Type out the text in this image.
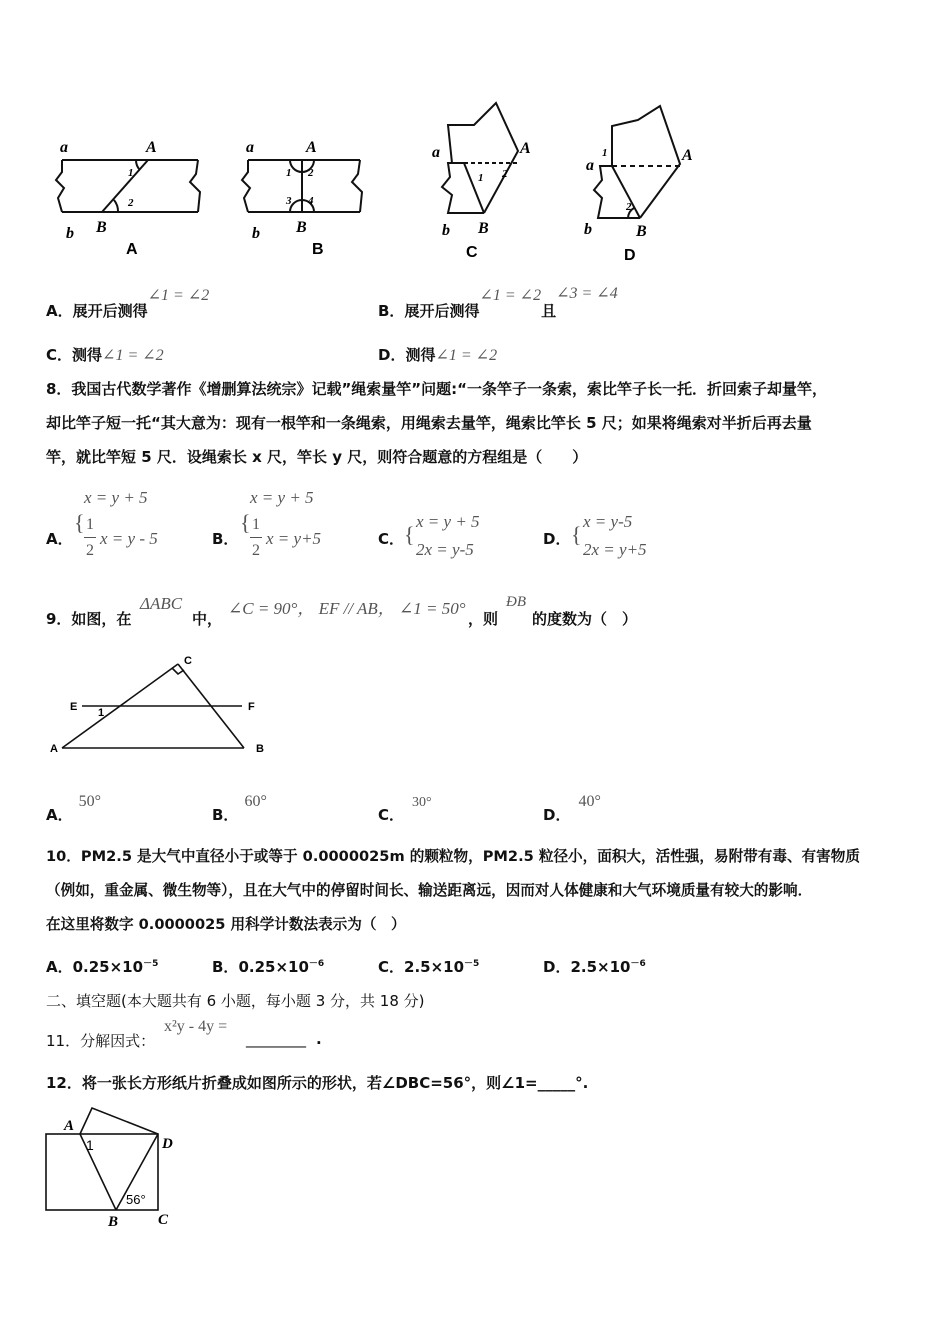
a	A
1
2
b B
A
a	A
1 2
3 4
b B
B
a	A
1 2
b B
C
a
A
1
2
b	B
D
A．展开后测得∠1 = ∠2
B．展开后测得∠1 = ∠2且∠3 = ∠4
C．测得∠1 = ∠2	D．测得∠1 = ∠2
8．我国古代数学著作《增删算法统宗》记载”绳索量竿”问题:“一条竿子一条索，索比竿子长一托．折回索子却量竿，
却比竿子短一托“其大意为：现有一根竿和一条绳索，用绳索去量竿，绳索比竿长 5 尺；如果将绳索对半折后再去量
竿，就比竿短 5 尺．设绳索长 x 尺，竿长 y 尺，则符合题意的方程组是（　　）
A．
x = y + 5
{ 1
2
x = y - 5	B．
x = y + 5
{ 1
2
x = y+5	C． {
x = y + 5
2x = y-5
D． {
x = y-5
2x = y+5
9．如图，在
ΔABC
中，
∠C = 90°， EF // AB， ∠1 = 50°
，则
ÐB
的度数为（　）
A	B
C
E	F
1
A．50°
B．60°
C．30°
D．40°
10．PM2.5 是大气中直径小于或等于 0.0000025m 的颗粒物，PM2.5 粒径小，面积大，活性强，易附带有毒、有害物质
（例如，重金属、微生物等），且在大气中的停留时间长、输送距离远，因而对人体健康和大气环境质量有较大的影响．
在这里将数字 0.0000025 用科学计数法表示为（　）
A．$0.25\times 10^{-5}$	B．$0.25\times 10^{-6}$	C．$2.5\times 10^{-5}$	D．$2.5\times 10^{-6}$
二、填空题(本大题共有 6 小题，每小题 3 分，共 18 分)
11．分解因式：
x²y - 4y =
________ .
12．将一张长方形纸片折叠成如图所示的形状，若∠DBC=56°，则∠1=_____°.
A
1	D
56°
B	C
